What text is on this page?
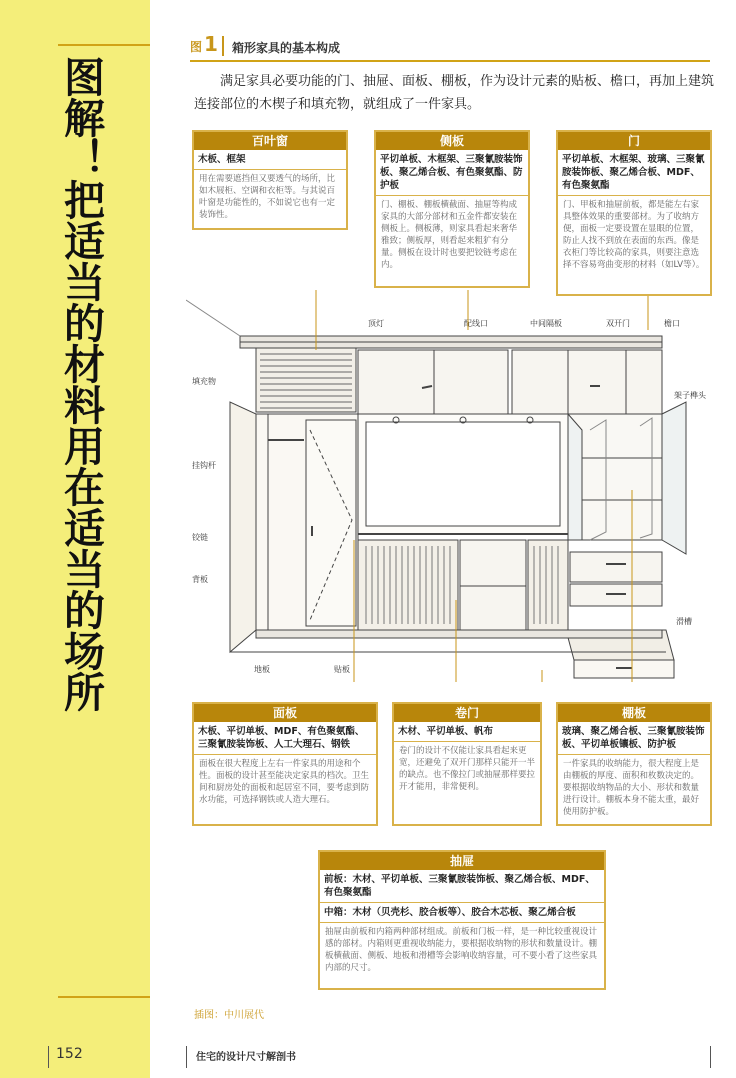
图解！把适当的材料用在适当的场所
152
图 1 箱形家具的基本构成
满足家具必要功能的门、抽屉、面板、棚板，作为设计元素的贴板、檐口，再加上建筑连接部位的木楔子和填充物，就组成了一件家具。
百叶窗
木板、框架
用在需要遮挡但又要透气的场所，比如木屐柜、空调和衣柜等。与其说百叶窗是功能性的，不如说它也有一定装饰性。
侧板
平切单板、木框架、三聚氰胺装饰板、聚乙烯合板、有色聚氨酯、防护板
门、棚板、棚板横截面、抽屉等构成家具的大部分部材和五金件都安装在侧板上。侧板薄，则家具看起来奢华雅致；侧板厚，则看起来粗犷有分量。侧板在设计时也要把铰链考虑在内。
门
平切单板、木框架、玻璃、三聚氰胺装饰板、聚乙烯合板、MDF、有色聚氨酯
门、甲板和抽屉前板，都是能左右家具整体效果的重要部材。为了收纳方便，面板一定要设置在显眼的位置，防止人找不到放在表面的东西。像是衣柜门等比较高的家具，则要注意选择不容易弯曲变形的材料（如LV等）。
顶灯	配线口	中间隔板	双开门	檐口
填充物
架子榫头
挂钩杆
铰链
背板
滑槽
地板	贴板
面板
木板、平切单板、MDF、有色聚氨酯、三聚氰胺装饰板、人工大理石、钢铁
面板在很大程度上左右一件家具的用途和个性。面板的设计甚至能决定家具的档次。卫生间和厨房处的面板和起居室不同，要考虑到防水功能，可选择钢铁或人造大理石。
卷门
木材、平切单板、帆布
卷门的设计不仅能让家具看起来更宽，还避免了双开门那样只能开一半的缺点。也不像拉门或抽屉那样要拉开才能用，非常便利。
棚板
玻璃、聚乙烯合板、三聚氰胺装饰板、平切单板镶板、防护板
一件家具的收纳能力，很大程度上是由棚板的厚度、面积和枚数决定的。要根据收纳物品的大小、形状和数量进行设计。棚板本身不能太重，最好使用防护板。
抽屉
前板：木材、平切单板、三聚氰胺装饰板、聚乙烯合板、MDF、有色聚氨酯
中箱：木材（贝壳杉、胶合板等）、胶合木芯板、聚乙烯合板
抽屉由前板和内箱两种部材组成。前板和门板一样，是一种比较重视设计感的部材。内箱则更重视收纳能力，要根据收纳物的形状和数量设计。棚板横截面、侧板、地板和滑槽等会影响收纳容量，可不要小看了这些家具内部的尺寸。
插图：中川展代
住宅的设计尺寸解剖书
